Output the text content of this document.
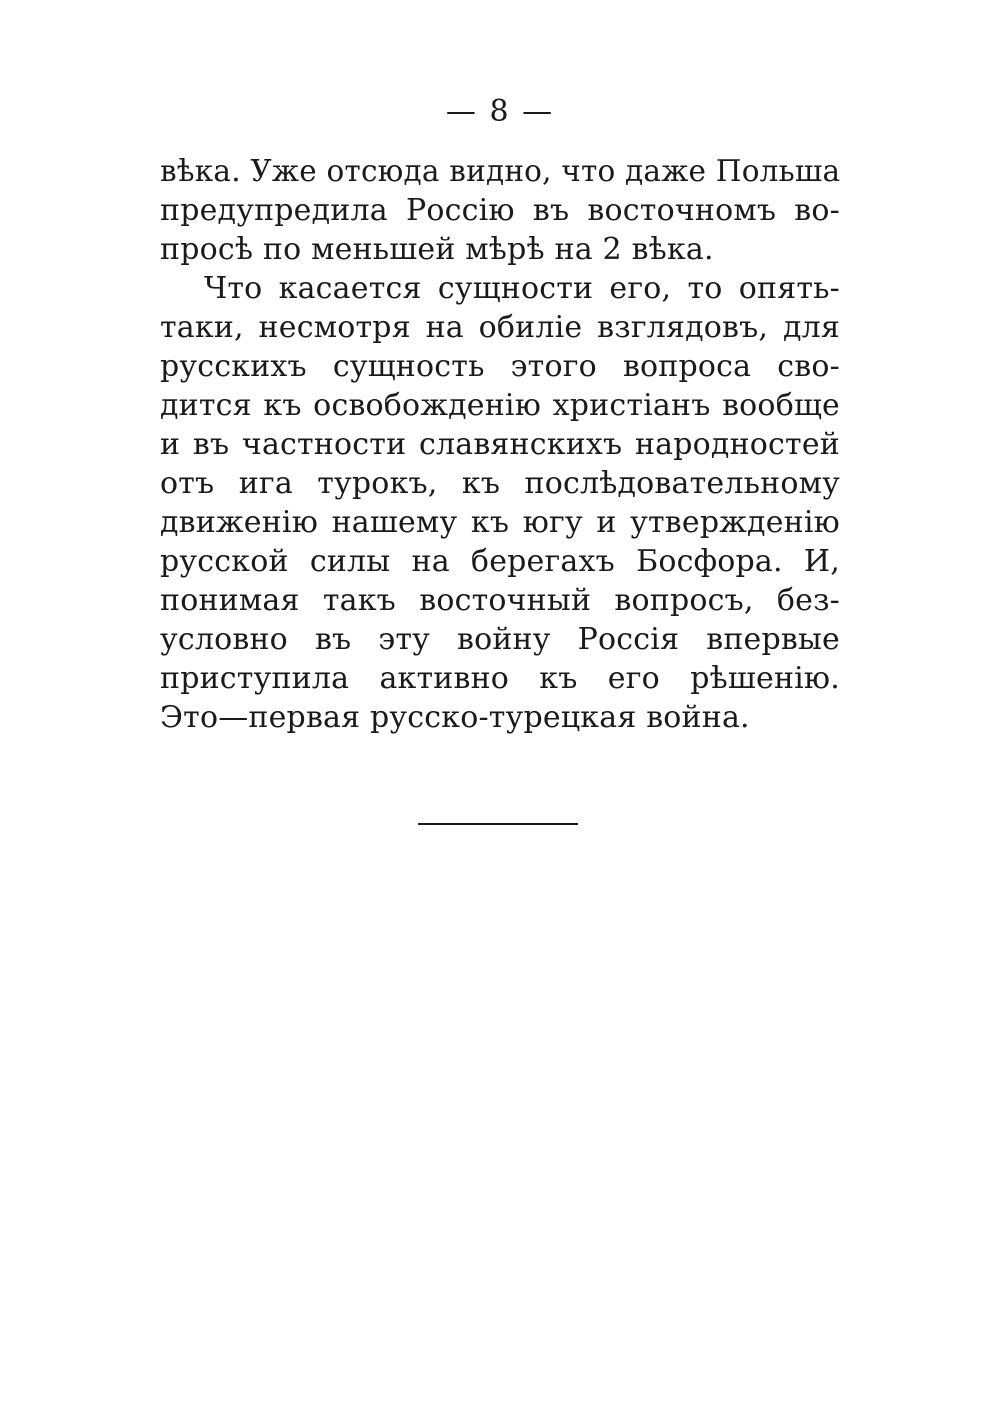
— 8 —
вѣка. Уже отсюда видно, что даже Польша
предупредила Россію въ восточномъ во-
просѣ по меньшей мѣрѣ на 2 вѣка.
Что касается сущности его, то опять-
таки, несмотря на обиліе взглядовъ, для
русскихъ сущность этого вопроса сво-
дится къ освобожденію христіанъ вообще
и въ частности славянскихъ народностей
отъ ига турокъ, къ послѣдовательному
движенію нашему къ югу и утвержденію
русской силы на берегахъ Босфора. И,
понимая такъ восточный вопросъ, без-
условно въ эту войну Россія впервые
приступила активно къ его рѣшенію.
Это—первая русско-турецкая война.
